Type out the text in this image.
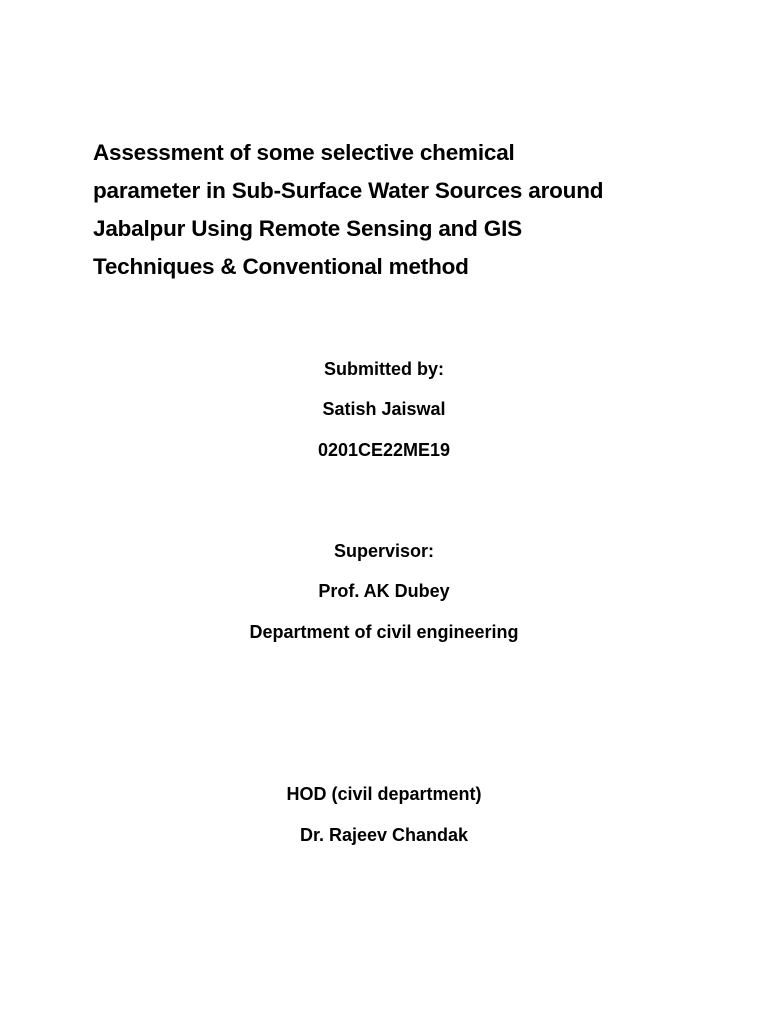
Assessment of some selective chemical
parameter in Sub-Surface Water Sources around
Jabalpur Using Remote Sensing and GIS
Techniques & Conventional method
Submitted by:
Satish Jaiswal
0201CE22ME19
Supervisor:
Prof. AK Dubey
Department of civil engineering
HOD (civil department)
Dr. Rajeev Chandak
